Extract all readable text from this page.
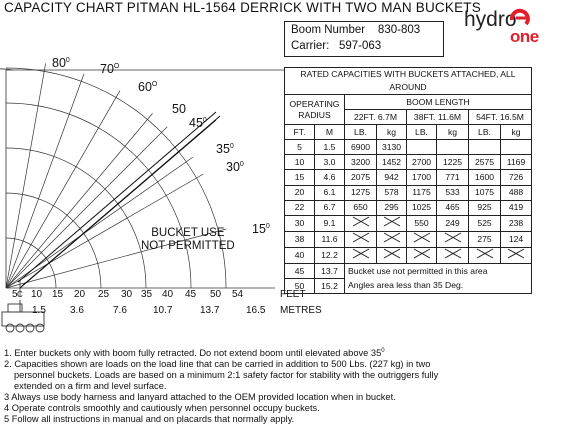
CAPACITY CHART PITMAN HL-1564 DERRICK WITH TWO MAN BUCKETS
Boom Number 830-803
Carrier: 597-063
hydro
one
$80^0$
$70^O$
$60^O$
50
$45^0$
$35^0$
$30^0$
$15^0$
BUCKET USE
NOT PERMITTED
C
5 10 15 20 25 30 35 40 45 50 54	FEET
1.5 3.6	7.6	10.7	13.7	16.5 METRES
RATED CAPACITIES WITH BUCKETS ATTACHED, ALL AROUND							
OPERATING RADIUS		BOOM LENGTH					
		22FT. 6.7M		38FT. 11.6M		54FT. 16.5M	
FT.	M	LB.	kg	LB.	kg	LB.	kg
5	1.5	6900	3130				
10	3.0	3200	1452	2700	1225	2575	1169
15	4.6	2075	942	1700	771	1600	726
20	6.1	1275	578	1175	533	1075	488
22	6.7	650	295	1025	465	925	419
30	9.1			550	249	525	238
38	11.6					275	124
40	12.2						
45	13.7	Bucket use not permitted in this area					
50	15.2	Angles area less than 35 Deg.					
1. Enter buckets only with boom fully retracted. Do not extend boom until elevated above $35^0$
2. Capacities shown are loads on the load line that can be carried in addition to 500 Lbs. (227 kg) in two
personnel buckets. Loads are based on a minimum 2:1 safety factor for stability with the outriggers fully
extended on a firm and level surface.
3 Always use body harness and lanyard attached to the OEM provided location when in bucket.
4 Operate controls smoothly and cautiously when personnel occupy buckets.
5 Follow all instructions in manual and on placards that normally apply.
